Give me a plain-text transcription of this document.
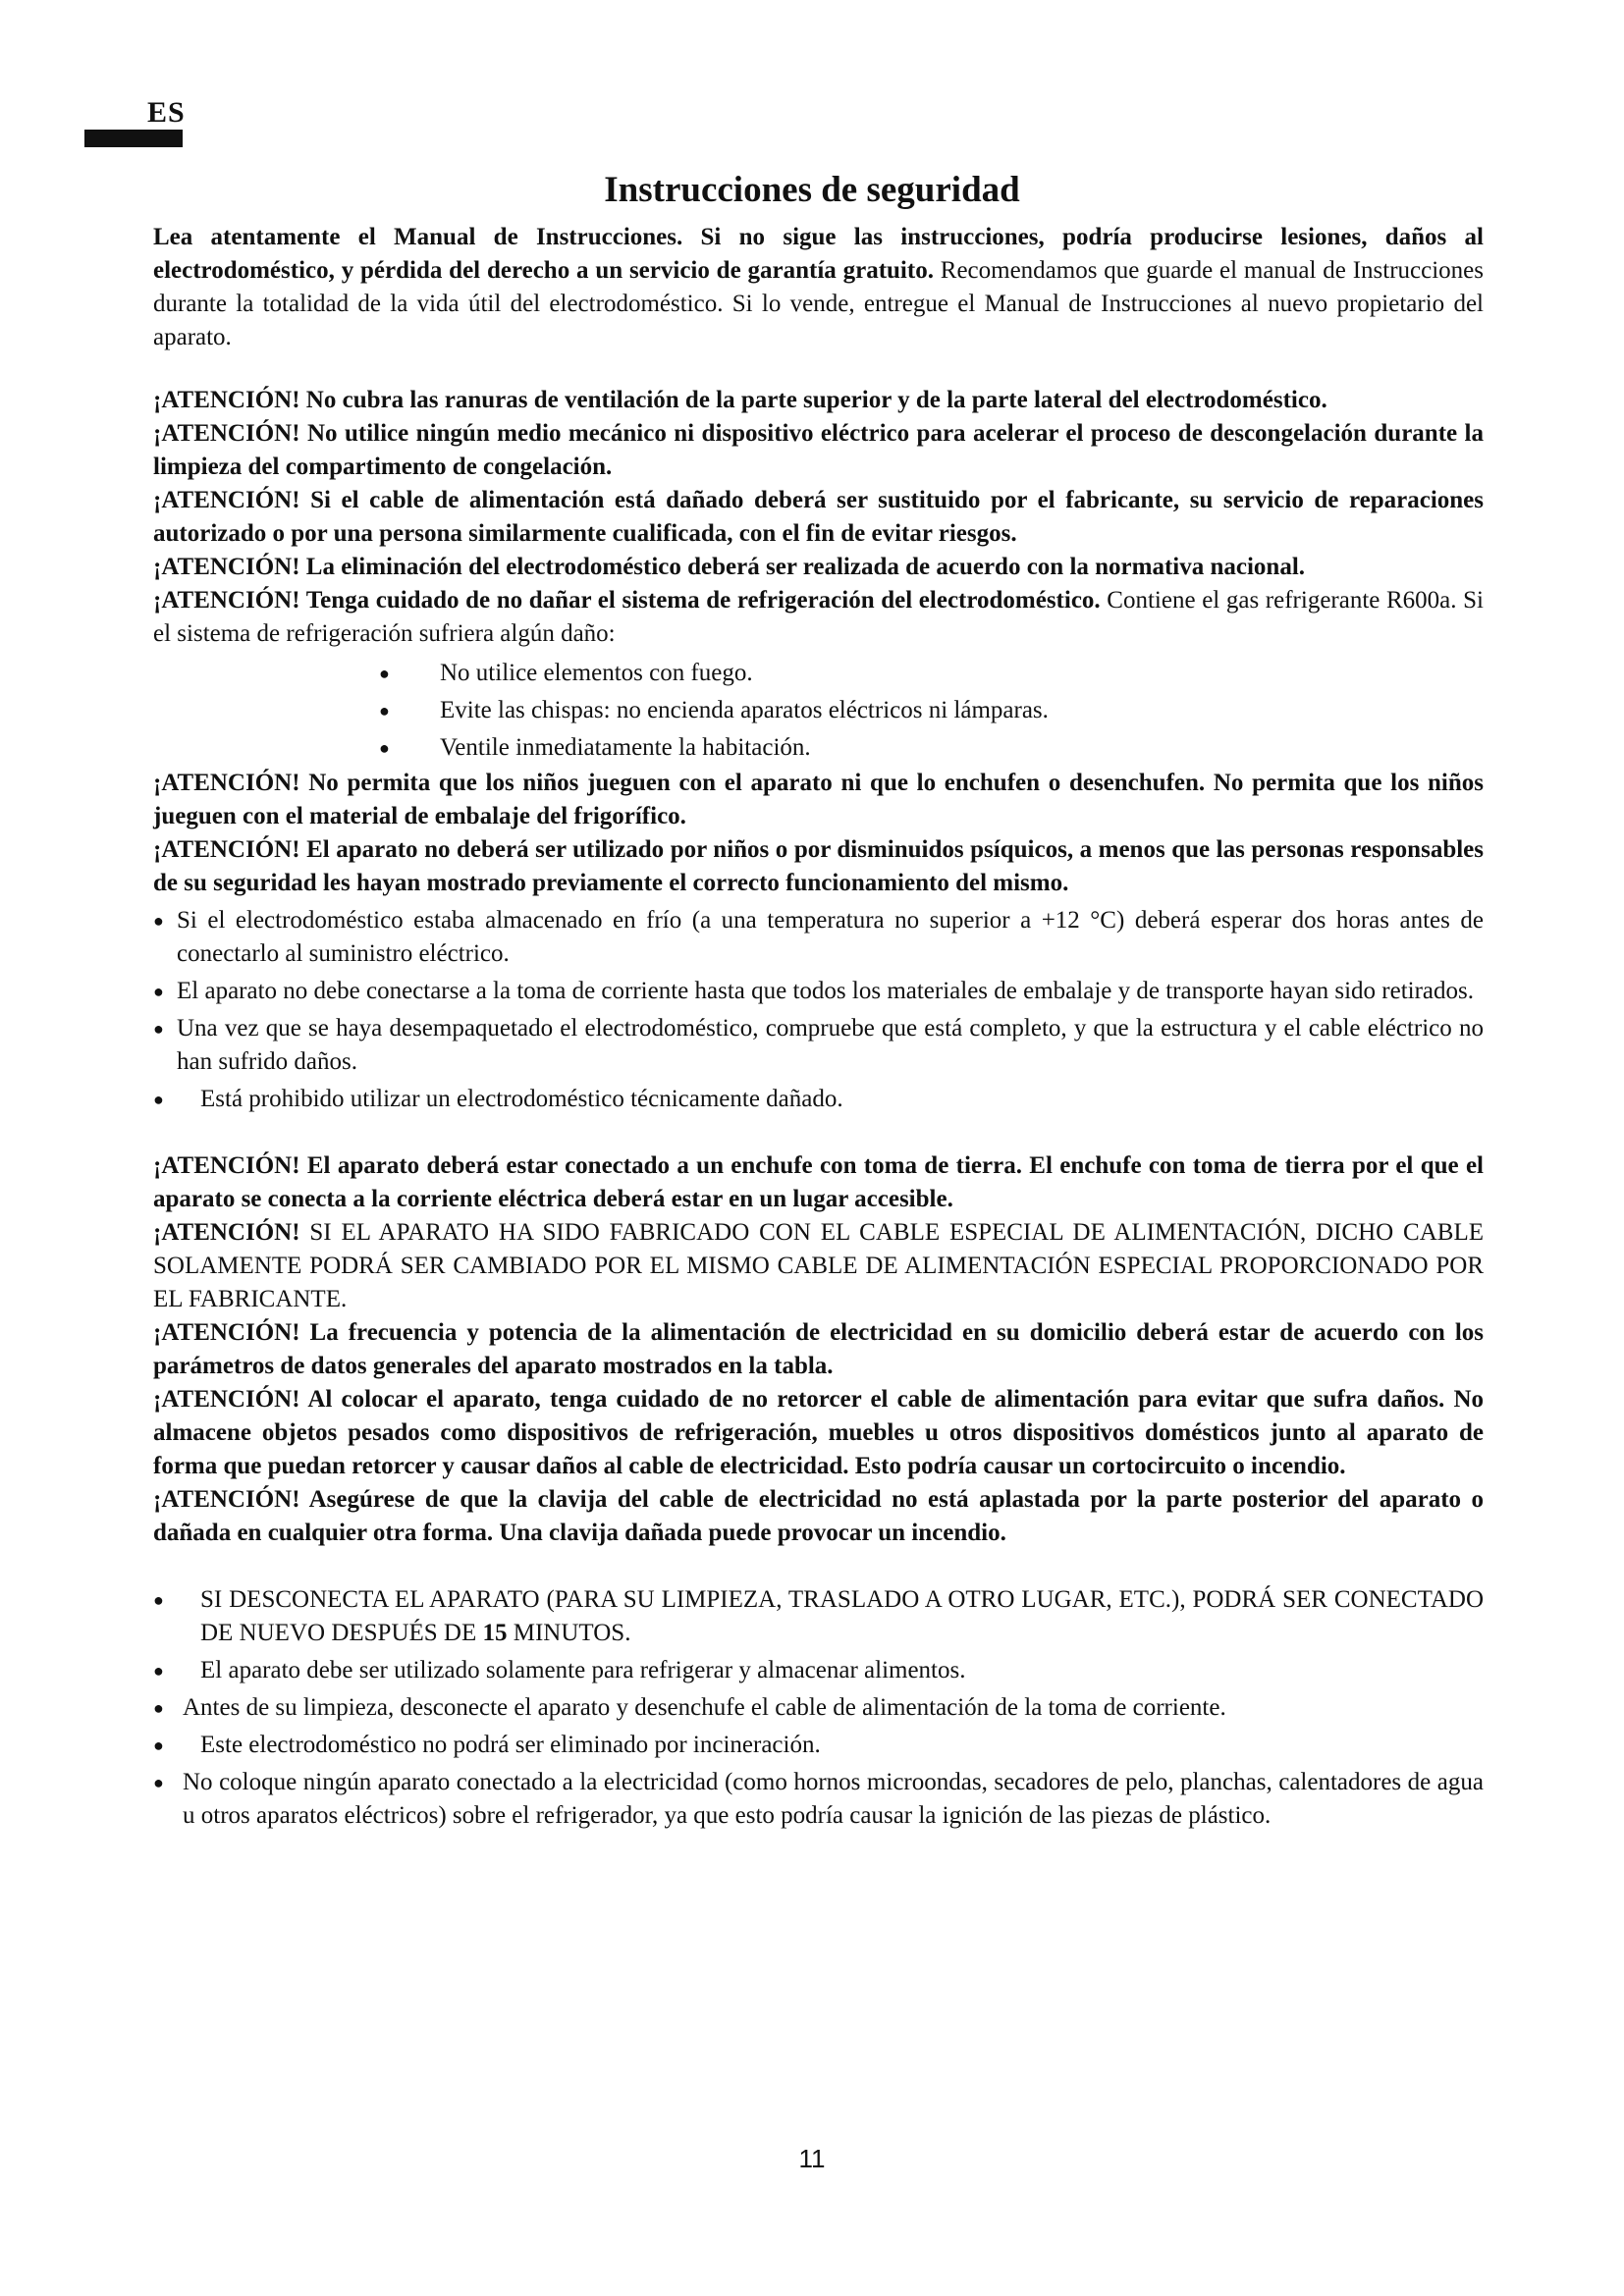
ES
Instrucciones de seguridad

Lea atentamente el Manual de Instrucciones. Si no sigue las instrucciones, podría producirse lesiones, daños al electrodoméstico, y pérdida del derecho a un servicio de garantía gratuito. Recomendamos que guarde el manual de Instrucciones durante la totalidad de la vida útil del electrodoméstico. Si lo vende, entregue el Manual de Instrucciones al nuevo propietario del aparato.

¡ATENCIÓN! No cubra las ranuras de ventilación de la parte superior y de la parte lateral del electrodoméstico.

¡ATENCIÓN! No utilice ningún medio mecánico ni dispositivo eléctrico para acelerar el proceso de descongelación durante la limpieza del compartimento de congelación.

¡ATENCIÓN! Si el cable de alimentación está dañado deberá ser sustituido por el fabricante, su servicio de reparaciones autorizado o por una persona similarmente cualificada, con el fin de evitar riesgos.

¡ATENCIÓN! La eliminación del electrodoméstico deberá ser realizada de acuerdo con la normativa nacional.

¡ATENCIÓN! Tenga cuidado de no dañar el sistema de refrigeración del electrodoméstico. Contiene el gas refrigerante R600a. Si el sistema de refrigeración sufriera algún daño:

● No utilice elementos con fuego.
● Evite las chispas: no encienda aparatos eléctricos ni lámparas.
● Ventile inmediatamente la habitación.

¡ATENCIÓN! No permita que los niños jueguen con el aparato ni que lo enchufen o desenchufen. No permita que los niños jueguen con el material de embalaje del frigorífico.

¡ATENCIÓN! El aparato no deberá ser utilizado por niños o por disminuidos psíquicos, a menos que las personas responsables de su seguridad les hayan mostrado previamente el correcto funcionamiento del mismo.

● Si el electrodoméstico estaba almacenado en frío (a una temperatura no superior a +12 °C) deberá esperar dos horas antes de conectarlo al suministro eléctrico.
● El aparato no debe conectarse a la toma de corriente hasta que todos los materiales de embalaje y de transporte hayan sido retirados.
● Una vez que se haya desempaquetado el electrodoméstico, compruebe que está completo, y que la estructura y el cable eléctrico no han sufrido daños.
● Está prohibido utilizar un electrodoméstico técnicamente dañado.

¡ATENCIÓN! El aparato deberá estar conectado a un enchufe con toma de tierra. El enchufe con toma de tierra por el que el aparato se conecta a la corriente eléctrica deberá estar en un lugar accesible.

¡ATENCIÓN! SI EL APARATO HA SIDO FABRICADO CON EL CABLE ESPECIAL DE ALIMENTACIÓN, DICHO CABLE SOLAMENTE PODRÁ SER CAMBIADO POR EL MISMO CABLE DE ALIMENTACIÓN ESPECIAL PROPORCIONADO POR EL FABRICANTE.

¡ATENCIÓN! La frecuencia y potencia de la alimentación de electricidad en su domicilio deberá estar de acuerdo con los parámetros de datos generales del aparato mostrados en la tabla.

¡ATENCIÓN! Al colocar el aparato, tenga cuidado de no retorcer el cable de alimentación para evitar que sufra daños. No almacene objetos pesados como dispositivos de refrigeración, muebles u otros dispositivos domésticos junto al aparato de forma que puedan retorcer y causar daños al cable de electricidad. Esto podría causar un cortocircuito o incendio.

¡ATENCIÓN! Asegúrese de que la clavija del cable de electricidad no está aplastada por la parte posterior del aparato o dañada en cualquier otra forma. Una clavija dañada puede provocar un incendio.

● SI DESCONECTA EL APARATO (PARA SU LIMPIEZA, TRASLADO A OTRO LUGAR, ETC.), PODRÁ SER CONECTADO DE NUEVO DESPUÉS DE 15 MINUTOS.
● El aparato debe ser utilizado solamente para refrigerar y almacenar alimentos.
● Antes de su limpieza, desconecte el aparato y desenchufe el cable de alimentación de la toma de corriente.
● Este electrodoméstico no podrá ser eliminado por incineración.
● No coloque ningún aparato conectado a la electricidad (como hornos microondas, secadores de pelo, planchas, calentadores de agua u otros aparatos eléctricos) sobre el refrigerador, ya que esto podría causar la ignición de las piezas de plástico.
11
